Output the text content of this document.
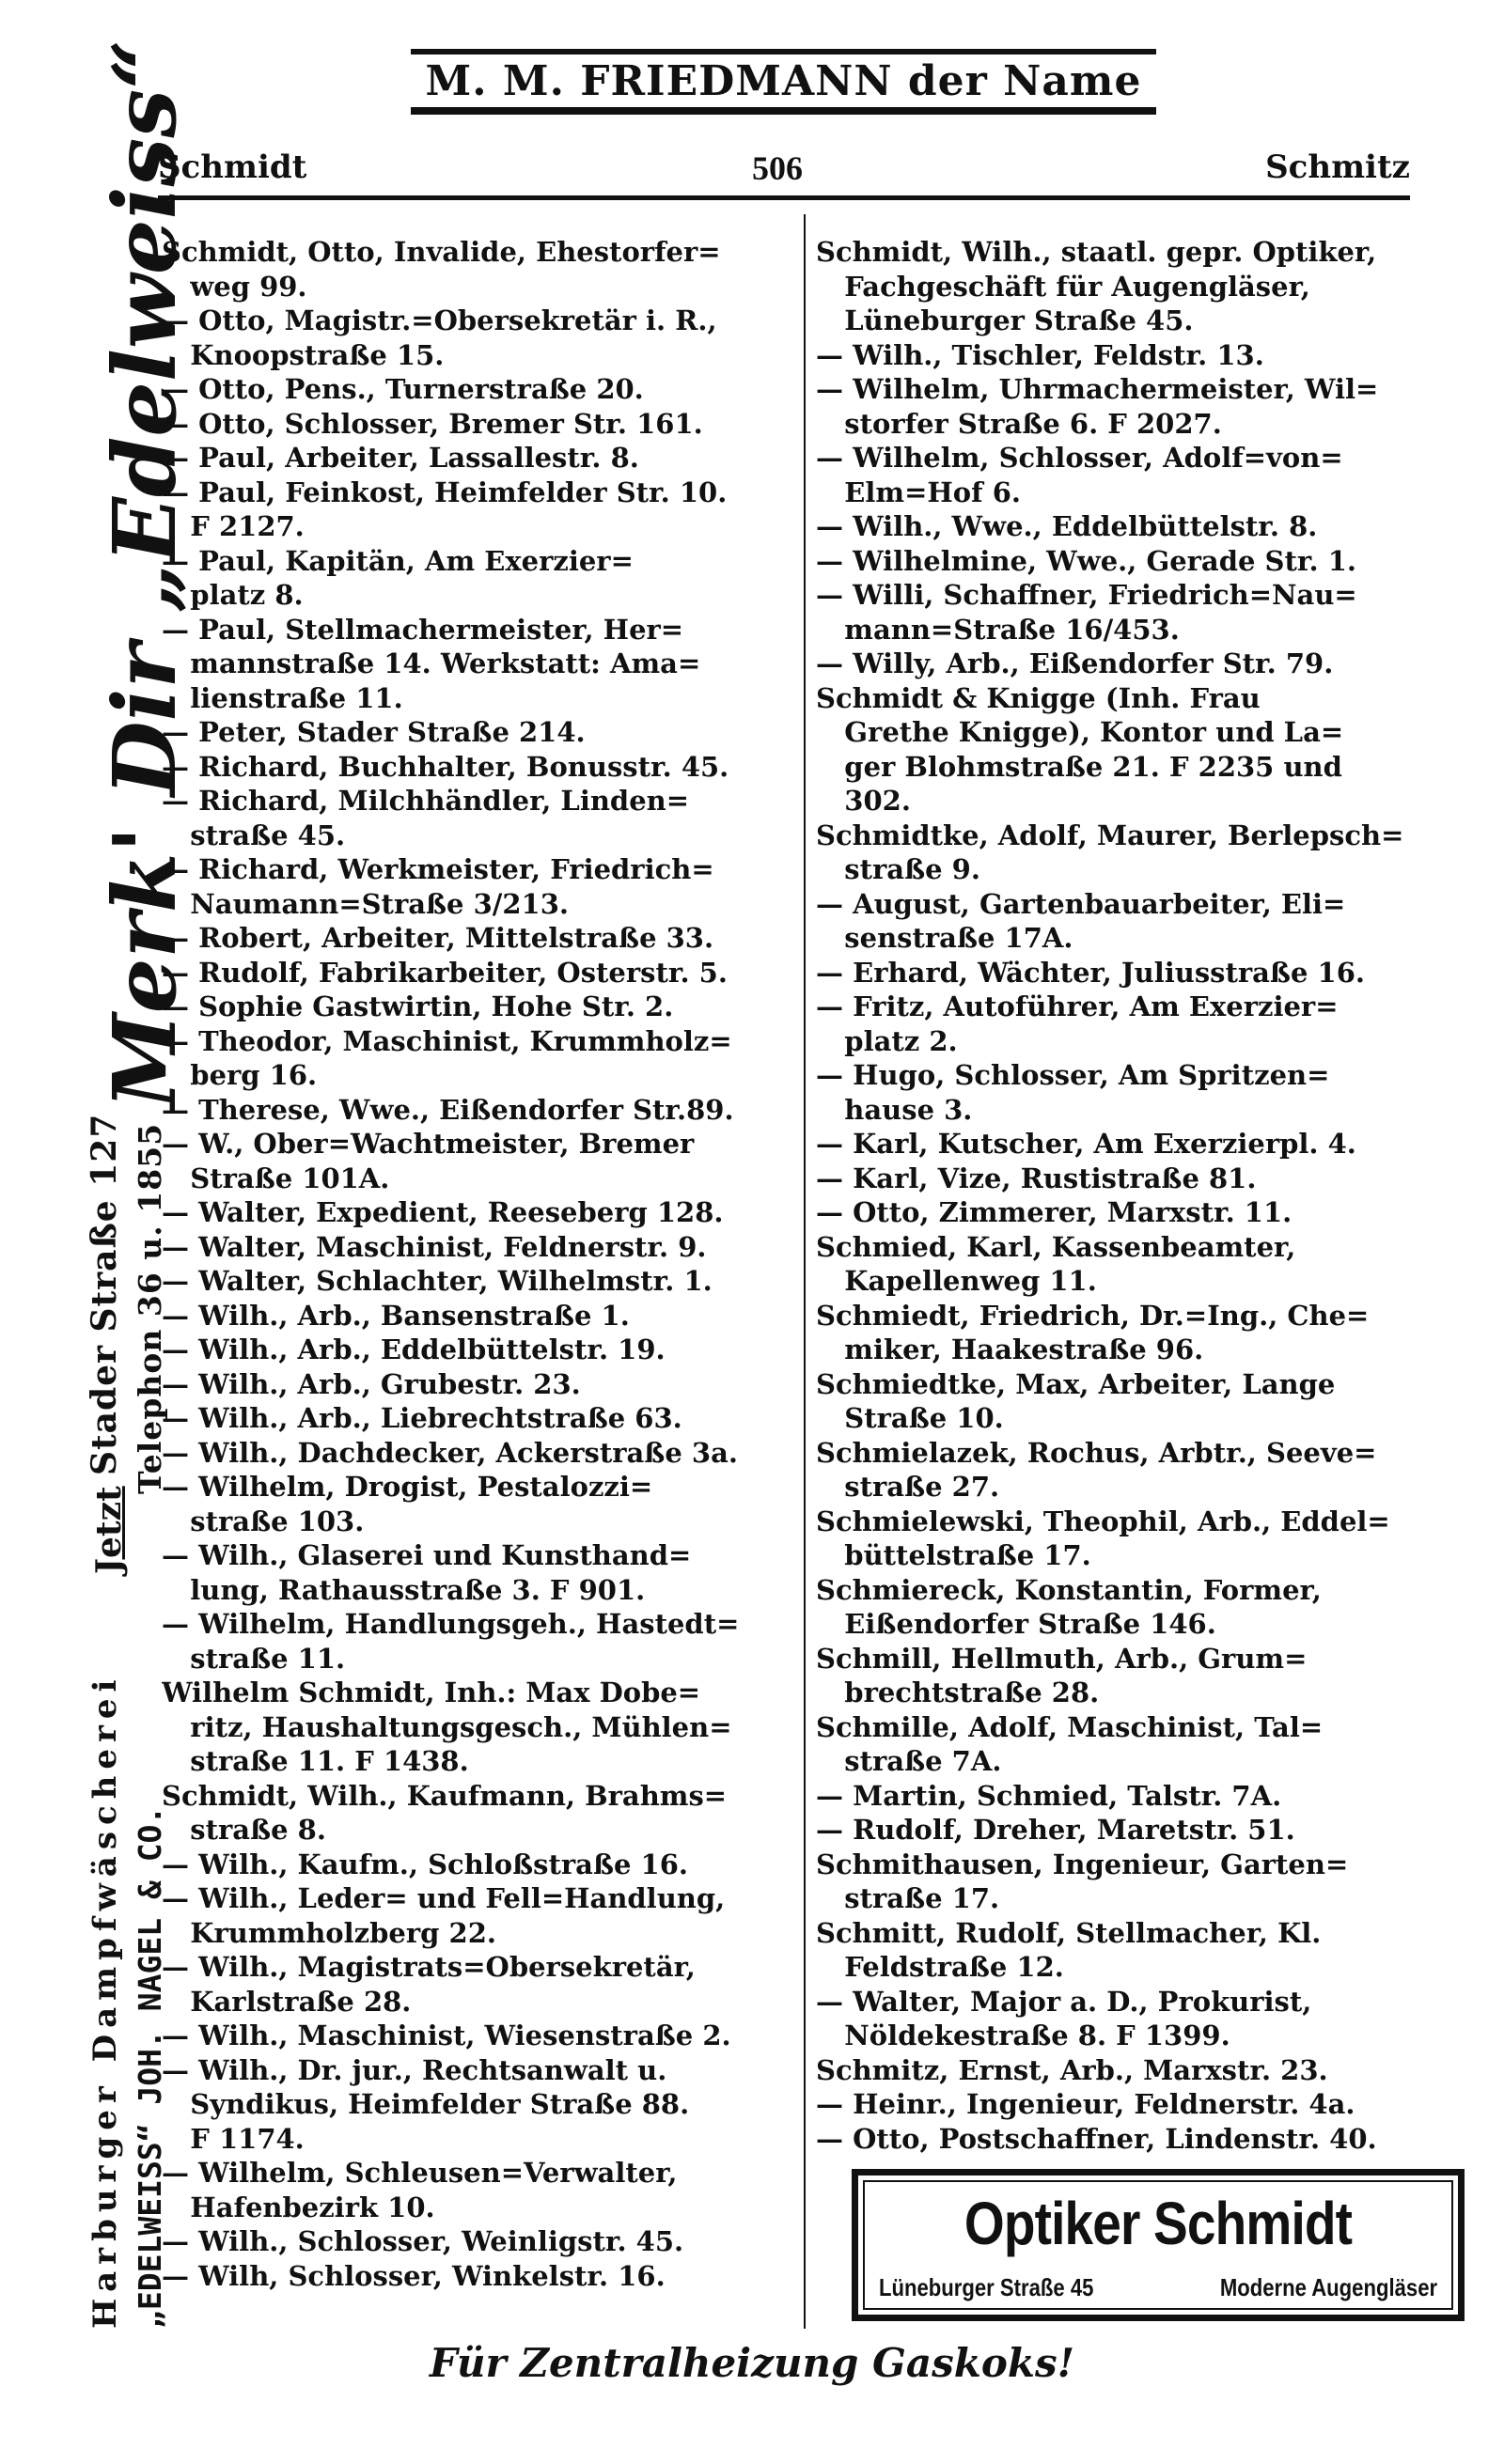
M. M. FRIEDMANN der Name
Schmidt	506	Schmitz
Schmidt, Otto, Invalide, Ehestorfer=
weg 99.
— Otto, Magistr.=Obersekretär i. R.,
Knoopstraße 15.
— Otto, Pens., Turnerstraße 20.
— Otto, Schlosser, Bremer Str. 161.
— Paul, Arbeiter, Lassallestr. 8.
— Paul, Feinkost, Heimfelder Str. 10.
F 2127.
— Paul, Kapitän, Am Exerzier=
platz 8.
— Paul, Stellmachermeister, Her=
mannstraße 14. Werkstatt: Ama=
lienstraße 11.
— Peter, Stader Straße 214.
— Richard, Buchhalter, Bonusstr. 45.
— Richard, Milchhändler, Linden=
straße 45.
— Richard, Werkmeister, Friedrich=
Naumann=Straße 3/213.
— Robert, Arbeiter, Mittelstraße 33.
— Rudolf, Fabrikarbeiter, Osterstr. 5.
— Sophie Gastwirtin, Hohe Str. 2.
— Theodor, Maschinist, Krummholz=
berg 16.
— Therese, Wwe., Eißendorfer Str.89.
— W., Ober=Wachtmeister, Bremer
Straße 101A.
— Walter, Expedient, Reeseberg 128.
— Walter, Maschinist, Feldnerstr. 9.
— Walter, Schlachter, Wilhelmstr. 1.
— Wilh., Arb., Bansenstraße 1.
— Wilh., Arb., Eddelbüttelstr. 19.
— Wilh., Arb., Grubestr. 23.
— Wilh., Arb., Liebrechtstraße 63.
— Wilh., Dachdecker, Ackerstraße 3a.
— Wilhelm, Drogist, Pestalozzi=
straße 103.
— Wilh., Glaserei und Kunsthand=
lung, Rathausstraße 3. F 901.
— Wilhelm, Handlungsgeh., Hastedt=
straße 11.
Wilhelm Schmidt, Inh.: Max Dobe=
ritz, Haushaltungsgesch., Mühlen=
straße 11. F 1438.
Schmidt, Wilh., Kaufmann, Brahms=
straße 8.
— Wilh., Kaufm., Schloßstraße 16.
— Wilh., Leder= und Fell=Handlung,
Krummholzberg 22.
— Wilh., Magistrats=Obersekretär,
Karlstraße 28.
— Wilh., Maschinist, Wiesenstraße 2.
— Wilh., Dr. jur., Rechtsanwalt u.
Syndikus, Heimfelder Straße 88.
F 1174.
— Wilhelm, Schleusen=Verwalter,
Hafenbezirk 10.
— Wilh., Schlosser, Weinligstr. 45.
— Wilh, Schlosser, Winkelstr. 16.
Schmidt, Wilh., staatl. gepr. Optiker,
Fachgeschäft für Augengläser,
Lüneburger Straße 45.
— Wilh., Tischler, Feldstr. 13.
— Wilhelm, Uhrmachermeister, Wil=
storfer Straße 6. F 2027.
— Wilhelm, Schlosser, Adolf=von=
Elm=Hof 6.
— Wilh., Wwe., Eddelbüttelstr. 8.
— Wilhelmine, Wwe., Gerade Str. 1.
— Willi, Schaffner, Friedrich=Nau=
mann=Straße 16/453.
— Willy, Arb., Eißendorfer Str. 79.
Schmidt & Knigge (Inh. Frau
Grethe Knigge), Kontor und La=
ger Blohmstraße 21. F 2235 und
302.
Schmidtke, Adolf, Maurer, Berlepsch=
straße 9.
— August, Gartenbauarbeiter, Eli=
senstraße 17A.
— Erhard, Wächter, Juliusstraße 16.
— Fritz, Autoführer, Am Exerzier=
platz 2.
— Hugo, Schlosser, Am Spritzen=
hause 3.
— Karl, Kutscher, Am Exerzierpl. 4.
— Karl, Vize, Rustistraße 81.
— Otto, Zimmerer, Marxstr. 11.
Schmied, Karl, Kassenbeamter,
Kapellenweg 11.
Schmiedt, Friedrich, Dr.=Ing., Che=
miker, Haakestraße 96.
Schmiedtke, Max, Arbeiter, Lange
Straße 10.
Schmielazek, Rochus, Arbtr., Seeve=
straße 27.
Schmielewski, Theophil, Arb., Eddel=
büttelstraße 17.
Schmiereck, Konstantin, Former,
Eißendorfer Straße 146.
Schmill, Hellmuth, Arb., Grum=
brechtstraße 28.
Schmille, Adolf, Maschinist, Tal=
straße 7A.
— Martin, Schmied, Talstr. 7A.
— Rudolf, Dreher, Maretstr. 51.
Schmithausen, Ingenieur, Garten=
straße 17.
Schmitt, Rudolf, Stellmacher, Kl.
Feldstraße 12.
— Walter, Major a. D., Prokurist,
Nöldekestraße 8. F 1399.
Schmitz, Ernst, Arb., Marxstr. 23.
— Heinr., Ingenieur, Feldnerstr. 4a.
— Otto, Postschaffner, Lindenstr. 40.
Merk' Dir „Edelweiss“
Stader Straße 127 Telephon 36 u. 1855
Jetzt
Harburger Dampfwäscherei „EDELWEISS“ JOH. NAGEL & CO.	Optiker Schmidt
Lüneburger Straße 45	Moderne Augengläser
Für Zentralheizung Gaskoks!
